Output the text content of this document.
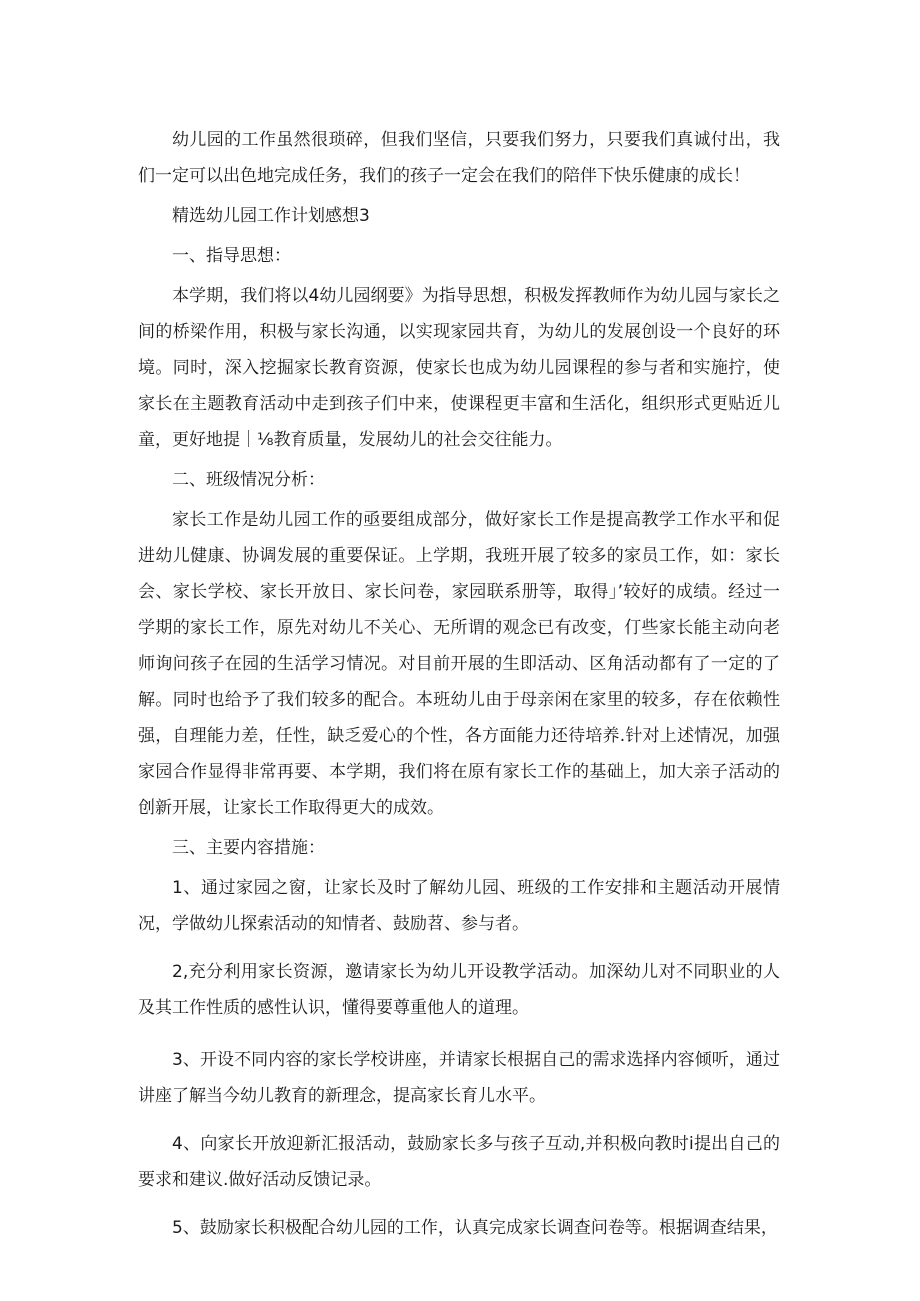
幼儿园的工作虽然很琐碎，但我们坚信，只要我们努力，只要我们真诚付出，我们一定可以出色地完成任务，我们的孩子一定会在我们的陪伴下快乐健康的成长！

精选幼儿园工作计划感想3

一、指导思想：

本学期，我们将以4幼儿园纲要》为指导思想，积极发挥教师作为幼儿园与家长之间的桥梁作用，积极与家长沟通，以实现家园共育，为幼儿的发展创设一个良好的环境。同时，深入挖掘家长教育资源，使家长也成为幼儿园课程的参与者和实施拧，使家长在主题教育活动中走到孩子们中来，使课程更丰富和生活化，组织形式更贴近儿童，更好地提｜⅛教育质量，发展幼儿的社会交往能力。

二、班级情况分析：

家长工作是幼儿园工作的亟要组成部分，做好家长工作是提高教学工作水平和促进幼儿健康、协调发展的重要保证。上学期，我班开展了较多的家员工作，如：家长会、家长学校、家长开放日、家长问卷，家园联系册等，取得」’较好的成绩。经过一学期的家长工作，原先对幼儿不关心、无所谓的观念已有改变，仃些家长能主动向老师询问孩子在园的生活学习情况。对目前开展的生即活动、区角活动都有了一定的了解。同时也给予了我们较多的配合。本班幼儿由于母亲闲在家里的较多，存在依赖性强，自理能力差，任性，缺乏爱心的个性，各方面能力还待培养.针对上述情况，加强家园合作显得非常再要、本学期，我们将在原有家长工作的基础上，加大亲子活动的创新开展，让家长工作取得更大的成效。

三、主要内容措施：

1、通过家园之窗，让家长及时了解幼儿园、班级的工作安排和主题活动开展情况，学做幼儿探索活动的知情者、鼓励苕、参与者。

2,充分利用家长资源，邀请家长为幼儿开设教学活动。加深幼儿对不同职业的人及其工作性质的感性认识，懂得要尊重他人的道理。

3、开设不同内容的家长学校讲座，并请家长根据自己的需求选择内容倾听，通过讲座了解当今幼儿教育的新理念，提高家长育儿水平。

4、向家长开放迎新汇报活动，鼓励家长多与孩子互动,并积极向教时i提出自己的要求和建议.做好活动反馈记录。

5、鼓励家长积极配合幼儿园的工作，认真完成家长调查问卷等。根据调查结果，
